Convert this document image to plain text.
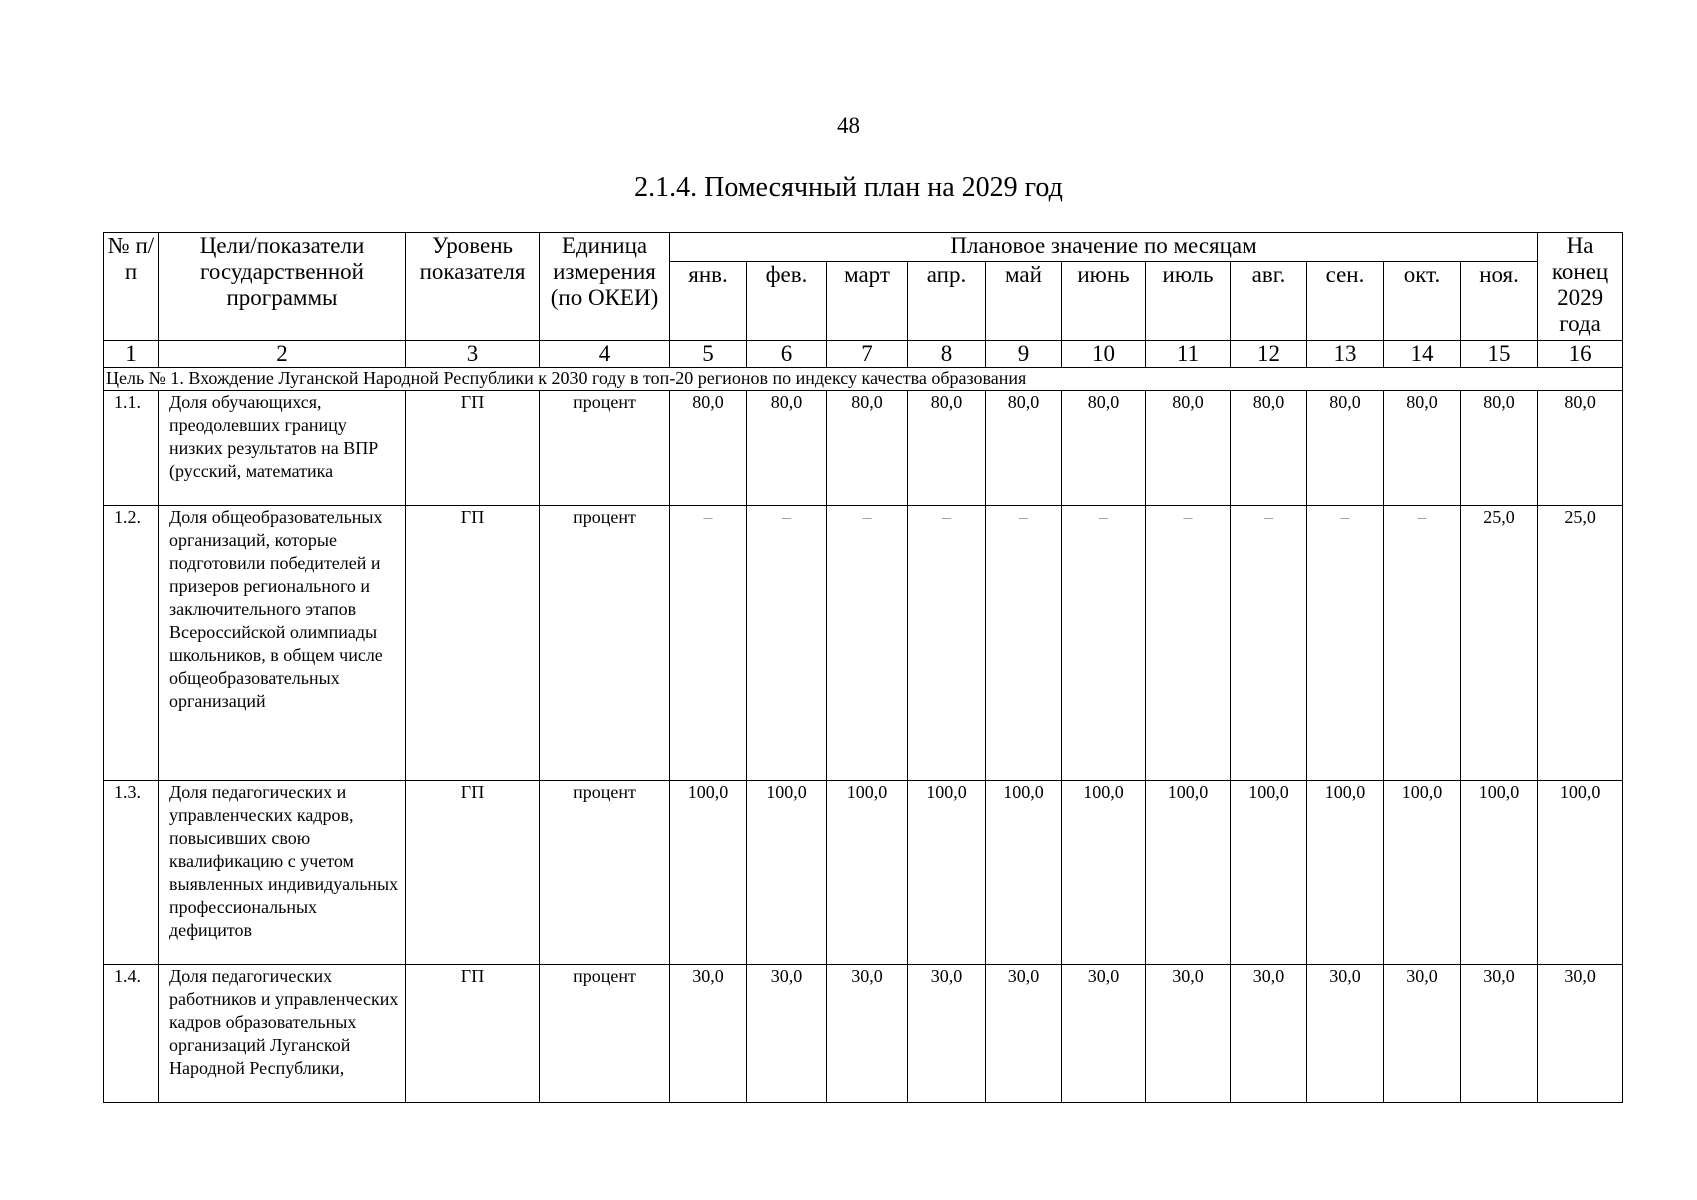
48
2.1.4. Помесячный план на 2029 год
№ п/п	Цели/показатели государственной программы	Уровень показателя	Единица измерения (по ОКЕИ)	Плановое значение по месяцам											На конец 2029 года
				янв.	фев.	март	апр.	май	июнь	июль	авг.	сен.	окт.	ноя.	
1	2	3	4	5	6	7	8	9	10	11	12	13	14	15	16
Цель № 1. Вхождение Луганской Народной Республики к 2030 году в топ-20 регионов по индексу качества образования															
1.1.	Доля обучающихся, преодолевших границу низких результатов на ВПР (русский, математика	ГП	процент	80,0	80,0	80,0	80,0	80,0	80,0	80,0	80,0	80,0	80,0	80,0	80,0
1.2.	Доля общеобразовательных организаций, которые подготовили победителей и призеров регионального и заключительного этапов Всероссийской олимпиады школьников, в общем числе общеобразовательных организаций	ГП	процент	–	–	–	–	–	–	–	–	–	–	25,0	25,0
1.3.	Доля педагогических и управленческих кадров, повысивших свою квалификацию с учетом выявленных индивидуальных профессиональных дефицитов	ГП	процент	100,0	100,0	100,0	100,0	100,0	100,0	100,0	100,0	100,0	100,0	100,0	100,0
1.4.	Доля педагогических работников и управленческих кадров образовательных организаций Луганской Народной Республики,	ГП	процент	30,0	30,0	30,0	30,0	30,0	30,0	30,0	30,0	30,0	30,0	30,0	30,0
